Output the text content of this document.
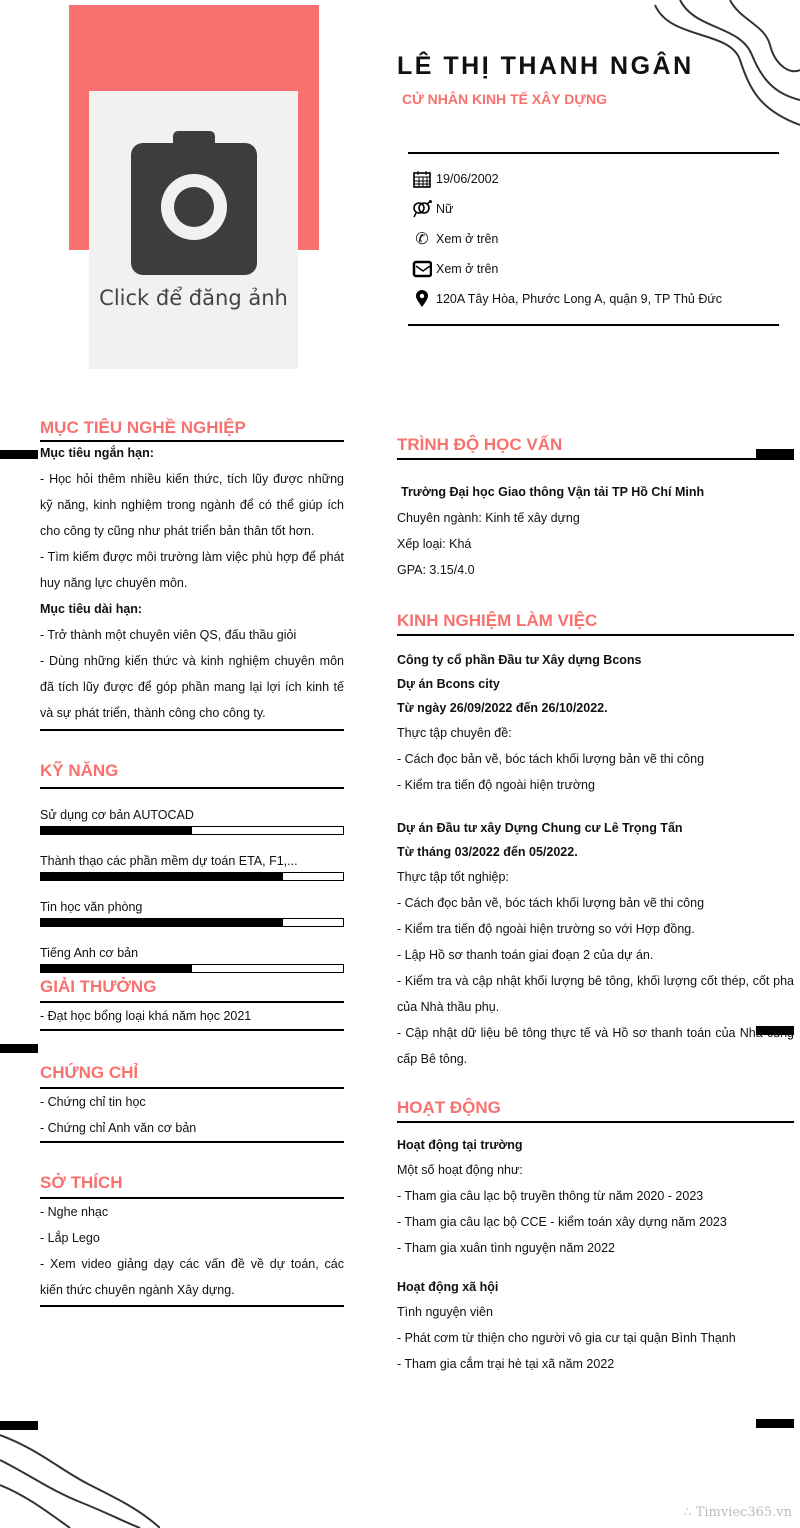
Click để đăng ảnh
LÊ THỊ THANH NGÂN
CỬ NHÂN KINH TẾ XÂY DỰNG
19/06/2002
Nữ
✆ Xem ở trên
Xem ở trên
120A Tây Hòa, Phước Long A, quận 9, TP Thủ Đức
MỤC TIÊU NGHỀ NGHIỆP
Mục tiêu ngắn hạn:
- Học hỏi thêm nhiều kiến thức, tích lũy được những kỹ năng, kinh nghiệm trong ngành để có thể giúp ích cho công ty cũng như phát triển bản thân tốt hơn.
- Tìm kiếm được môi trường làm việc phù hợp để phát huy năng lực chuyên môn.
Mục tiêu dài hạn:
- Trở thành một chuyên viên QS, đấu thầu giỏi
- Dùng những kiến thức và kinh nghiệm chuyên môn đã tích lũy được để góp phần mang lại lợi ích kinh tế và sự phát triển, thành công cho công ty.
KỸ NĂNG
Sử dụng cơ bản AUTOCAD
Thành thạo các phần mềm dự toán ETA, F1,...
Tin học văn phòng
Tiếng Anh cơ bản
GIẢI THƯỞNG
- Đạt học bổng loại khá năm học 2021
CHỨNG CHỈ
- Chứng chỉ tin học
- Chứng chỉ Anh văn cơ bản
SỞ THÍCH
- Nghe nhạc
- Lắp Lego
- Xem video giảng dạy các vấn đề về dự toán, các kiến thức chuyên ngành Xây dựng.
TRÌNH ĐỘ HỌC VẤN
Trường Đại học Giao thông Vận tải TP Hồ Chí Minh
Chuyên ngành: Kinh tế xây dựng
Xếp loại: Khá
GPA: 3.15/4.0
KINH NGHIỆM LÀM VIỆC
Công ty cổ phần Đầu tư Xây dựng Bcons
Dự án Bcons city
Từ ngày 26/09/2022 đến 26/10/2022.
Thực tập chuyên đề:
- Cách đọc bản vẽ, bóc tách khối lượng bản vẽ thi công
- Kiểm tra tiến độ ngoài hiện trường
Dự án Đầu tư xây Dựng Chung cư Lê Trọng Tấn
Từ tháng 03/2022 đến 05/2022.
Thực tập tốt nghiệp:
- Cách đọc bản vẽ, bóc tách khối lượng bản vẽ thi công
- Kiểm tra tiến độ ngoài hiện trường so với Hợp đồng.
- Lập Hồ sơ thanh toán giai đoạn 2 của dự án.
- Kiểm tra và cập nhật khối lượng bê tông, khối lượng cốt thép, cốt pha của Nhà thầu phụ.
- Cập nhật dữ liệu bê tông thực tế và Hồ sơ thanh toán của Nhà cung cấp Bê tông.
HOẠT ĐỘNG
Hoạt động tại trường
Một số hoạt động như:
- Tham gia câu lạc bộ truyền thông từ năm 2020 - 2023
- Tham gia câu lạc bộ CCE - kiểm toán xây dựng năm 2023
- Tham gia xuân tình nguyện năm 2022
Hoạt động xã hội
Tình nguyện viên
- Phát cơm từ thiện cho người vô gia cư tại quận Bình Thạnh
- Tham gia cắm trại hè tại xã năm 2022
∴ Timviec365.vn
